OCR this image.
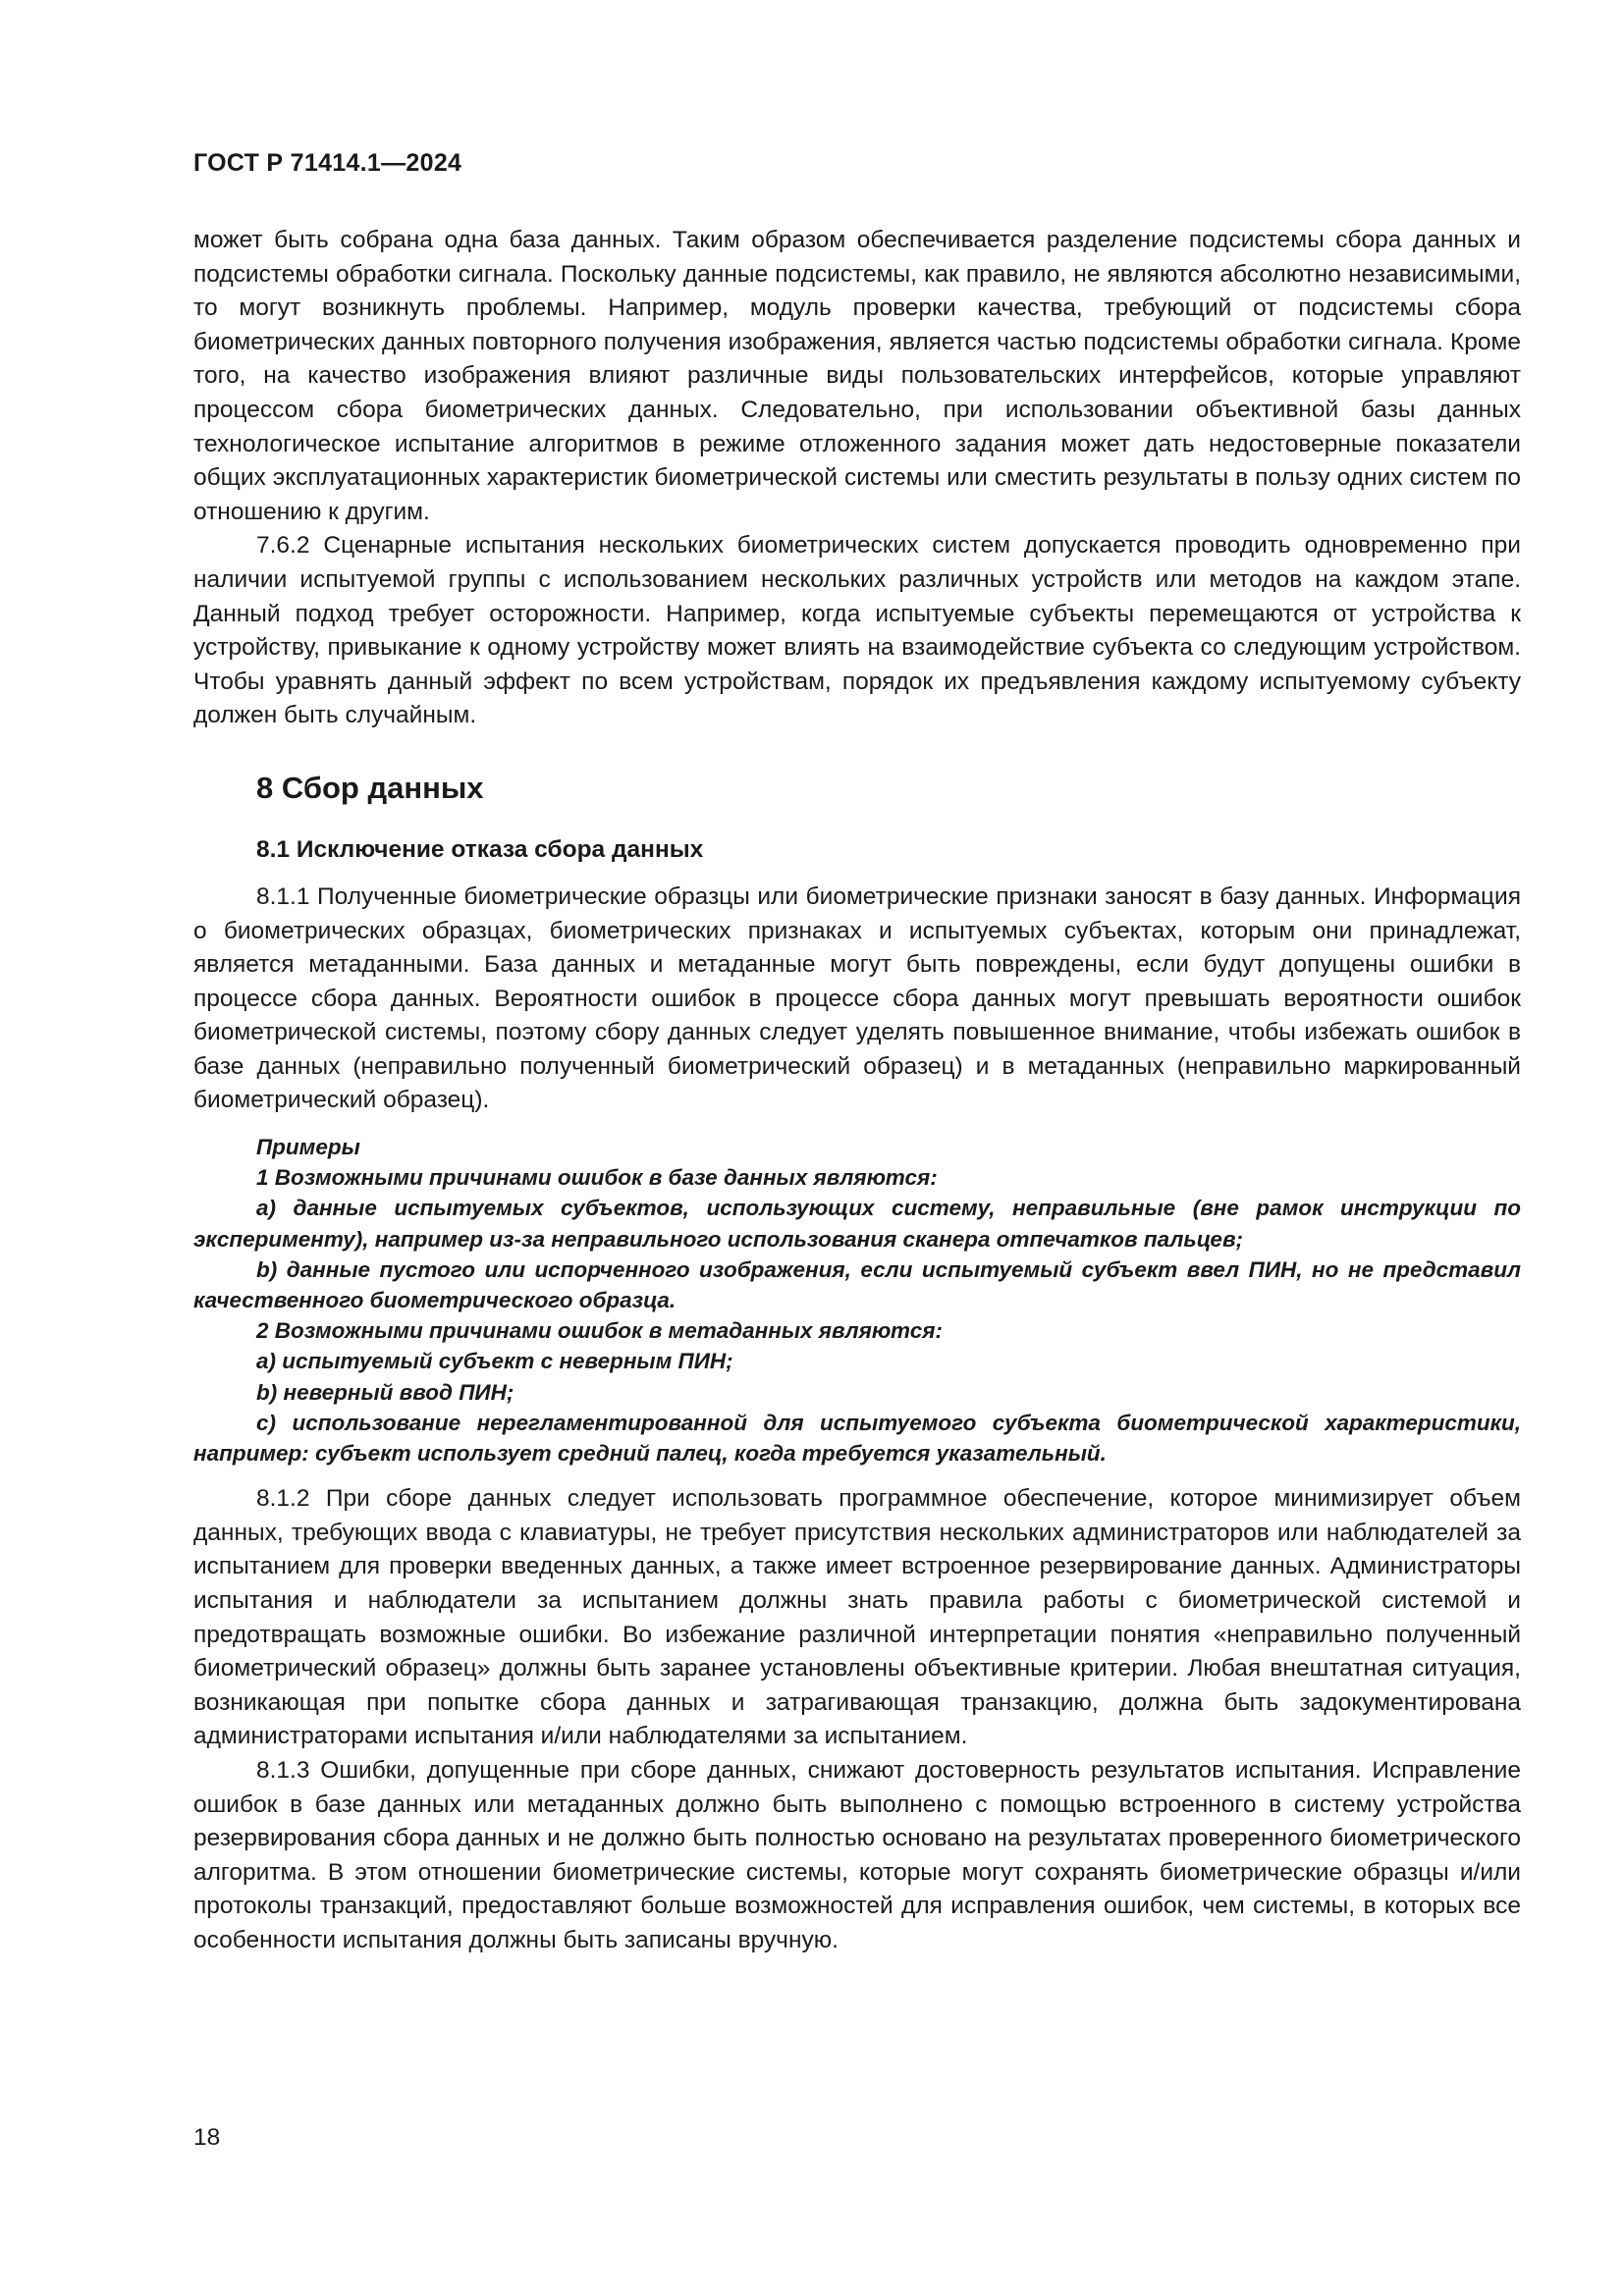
ГОСТ Р 71414.1—2024

может быть собрана одна база данных. Таким образом обеспечивается разделение подсистемы сбора данных и подсистемы обработки сигнала. Поскольку данные подсистемы, как правило, не являются абсолютно независимыми, то могут возникнуть проблемы. Например, модуль проверки качества, требующий от подсистемы сбора биометрических данных повторного получения изображения, является частью подсистемы обработки сигнала. Кроме того, на качество изображения влияют различные виды пользовательских интерфейсов, которые управляют процессом сбора биометрических данных. Следовательно, при использовании объективной базы данных технологическое испытание алгоритмов в режиме отложенного задания может дать недостоверные показатели общих эксплуатационных характеристик биометрической системы или сместить результаты в пользу одних систем по отношению к другим.

7.6.2 Сценарные испытания нескольких биометрических систем допускается проводить одновременно при наличии испытуемой группы с использованием нескольких различных устройств или методов на каждом этапе. Данный подход требует осторожности. Например, когда испытуемые субъекты перемещаются от устройства к устройству, привыкание к одному устройству может влиять на взаимодействие субъекта со следующим устройством. Чтобы уравнять данный эффект по всем устройствам, порядок их предъявления каждому испытуемому субъекту должен быть случайным.

8 Сбор данных
8.1 Исключение отказа сбора данных

8.1.1 Полученные биометрические образцы или биометрические признаки заносят в базу данных. Информация о биометрических образцах, биометрических признаках и испытуемых субъектах, которым они принадлежат, является метаданными. База данных и метаданные могут быть повреждены, если будут допущены ошибки в процессе сбора данных. Вероятности ошибок в процессе сбора данных могут превышать вероятности ошибок биометрической системы, поэтому сбору данных следует уделять повышенное внимание, чтобы избежать ошибок в базе данных (неправильно полученный биометрический образец) и в метаданных (неправильно маркированный биометрический образец).

Примеры

1 Возможными причинами ошибок в базе данных являются:

а) данные испытуемых субъектов, использующих систему, неправильные (вне рамок инструкции по эксперименту), например из-за неправильного использования сканера отпечатков пальцев;

b) данные пустого или испорченного изображения, если испытуемый субъект ввел ПИН, но не представил качественного биометрического образца.

2 Возможными причинами ошибок в метаданных являются:

а) испытуемый субъект с неверным ПИН;

b) неверный ввод ПИН;

с) использование нерегламентированной для испытуемого субъекта биометрической характеристики, например: субъект использует средний палец, когда требуется указательный.

8.1.2 При сборе данных следует использовать программное обеспечение, которое минимизирует объем данных, требующих ввода с клавиатуры, не требует присутствия нескольких администраторов или наблюдателей за испытанием для проверки введенных данных, а также имеет встроенное резервирование данных. Администраторы испытания и наблюдатели за испытанием должны знать правила работы с биометрической системой и предотвращать возможные ошибки. Во избежание различной интерпретации понятия «неправильно полученный биометрический образец» должны быть заранее установлены объективные критерии. Любая внештатная ситуация, возникающая при попытке сбора данных и затрагивающая транзакцию, должна быть задокументирована администраторами испытания и/или наблюдателями за испытанием.

8.1.3 Ошибки, допущенные при сборе данных, снижают достоверность результатов испытания. Исправление ошибок в базе данных или метаданных должно быть выполнено с помощью встроенного в систему устройства резервирования сбора данных и не должно быть полностью основано на результатах проверенного биометрического алгоритма. В этом отношении биометрические системы, которые могут сохранять биометрические образцы и/или протоколы транзакций, предоставляют больше возможностей для исправления ошибок, чем системы, в которых все особенности испытания должны быть записаны вручную.

18
